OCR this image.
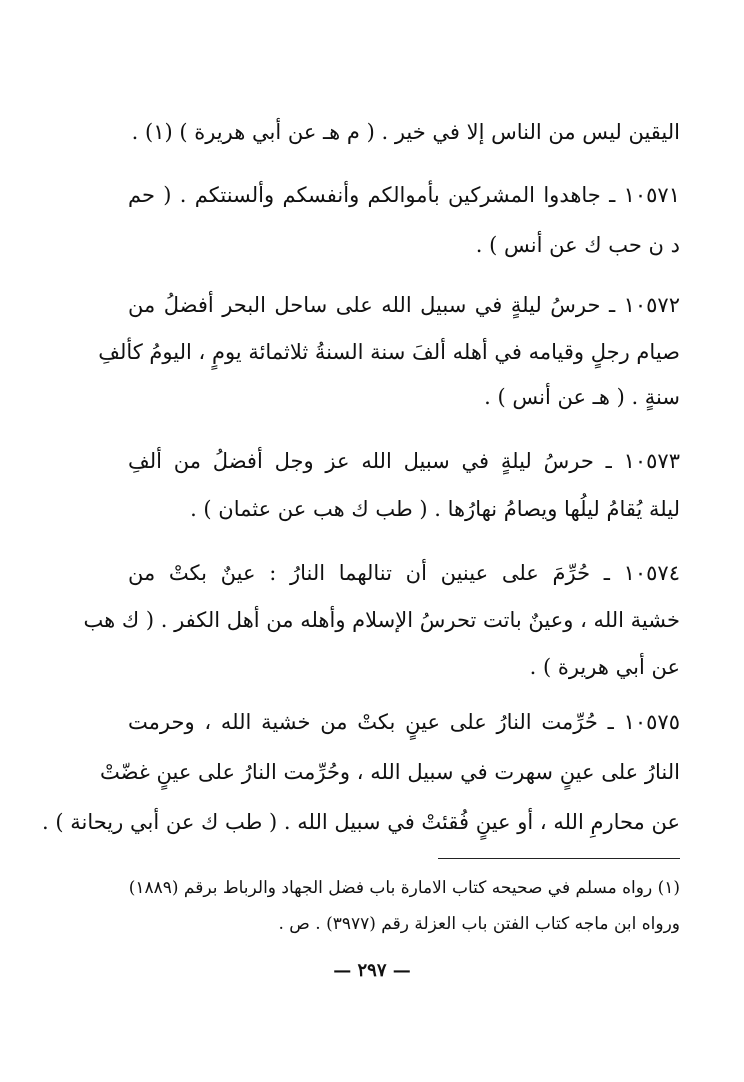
اليقين ليس من الناس إلا في خير . ( م هـ عن أبي هريرة ) (١) .
١٠٥٧١ ـ جاهدوا المشركين بأموالكم وأنفسكم وألسنتكم . ( حم
د ن حب ك عن أنس ) .
١٠٥٧٢ ـ حرسُ ليلةٍ في سبيل الله على ساحل البحر أفضلُ من
صيام رجلٍ وقيامه في أهله ألفَ سنة السنةُ ثلاثمائة يومٍ ، اليومُ كألفِ
سنةٍ . ( هـ عن أنس ) .
١٠٥٧٣ ـ حرسُ ليلةٍ في سبيل الله عز وجل أفضلُ من ألفِ
ليلة يُقامُ ليلُها ويصامُ نهارُها . ( طب ك هب عن عثمان ) .
١٠٥٧٤ ـ حُرِّمَ على عينين أن تنالهما النارُ : عينٌ بكتْ من
خشية الله ، وعينٌ باتت تحرسُ الإسلام وأهله من أهل الكفر . ( ك هب
عن أبي هريرة ) .
١٠٥٧٥ ـ حُرِّمت النارُ على عينٍ بكتْ من خشية الله ، وحرمت
النارُ على عينٍ سهرت في سبيل الله ، وحُرِّمت النارُ على عينٍ غضّتْ
عن محارمِ الله ، أو عينٍ فُقئتْ في سبيل الله . ( طب ك عن أبي ريحانة ) .
(١) رواه مسلم في صحيحه كتاب الامارة باب فضل الجهاد والرباط برقم (١٨٨٩)
ورواه ابن ماجه كتاب الفتن باب العزلة رقم (٣٩٧٧) . ص .
— ٢٩٧ —
